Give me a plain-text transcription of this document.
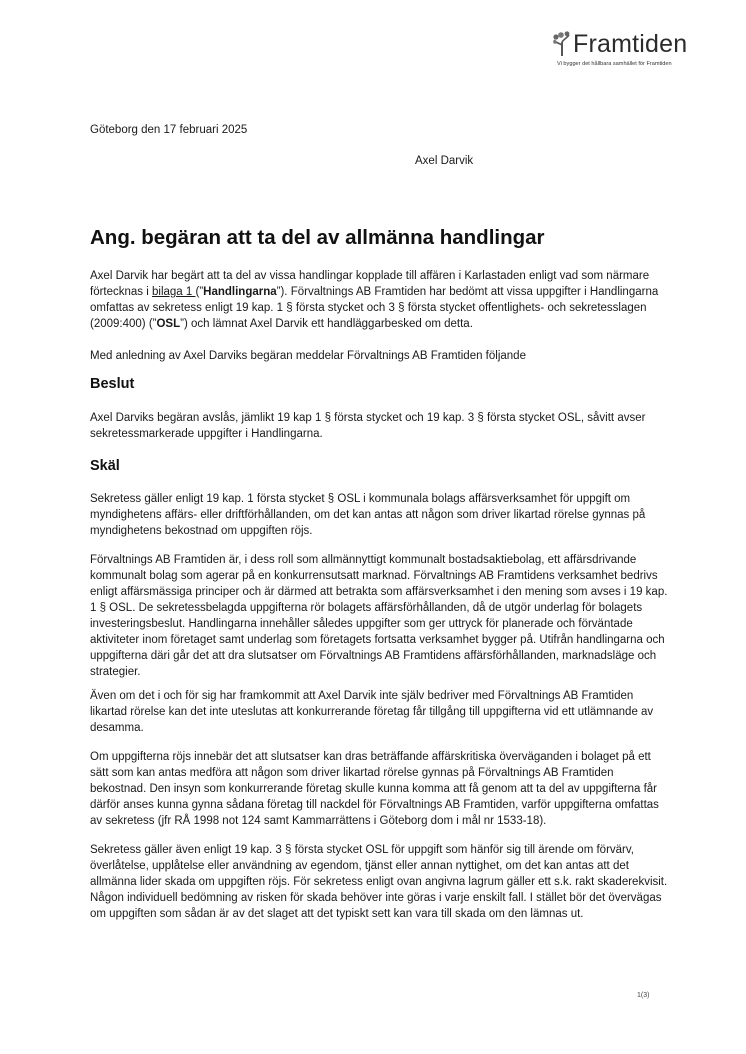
Framtiden
Vi bygger det hållbara samhället för Framtiden
Göteborg den 17 februari 2025
Axel Darvik
Ang. begäran att ta del av allmänna handlingar

Axel Darvik har begärt att ta del av vissa handlingar kopplade till affären i Karlastaden enligt vad som närmare förtecknas i bilaga 1 (”Handlingarna”). Förvaltnings AB Framtiden har bedömt att vissa uppgifter i Handlingarna omfattas av sekretess enligt 19 kap. 1 § första stycket och 3 § första stycket offentlighets- och sekretesslagen (2009:400) (”OSL”) och lämnat Axel Darvik ett handläggarbesked om detta.

Med anledning av Axel Darviks begäran meddelar Förvaltnings AB Framtiden följande

Beslut

Axel Darviks begäran avslås, jämlikt 19 kap 1 § första stycket och 19 kap. 3 § första stycket OSL, såvitt avser sekretessmarkerade uppgifter i Handlingarna.

Skäl

Sekretess gäller enligt 19 kap. 1 första stycket § OSL i kommunala bolags affärsverksamhet för uppgift om myndighetens affärs- eller driftförhållanden, om det kan antas att någon som driver likartad rörelse gynnas på myndighetens bekostnad om uppgiften röjs.

Förvaltnings AB Framtiden är, i dess roll som allmännyttigt kommunalt bostadsaktiebolag, ett affärsdrivande kommunalt bolag som agerar på en konkurrensutsatt marknad. Förvaltnings AB Framtidens verksamhet bedrivs enligt affärsmässiga principer och är därmed att betrakta som affärsverksamhet i den mening som avses i 19 kap. 1 § OSL. De sekretessbelagda uppgifterna rör bolagets affärsförhållanden, då de utgör underlag för bolagets investeringsbeslut. Handlingarna innehåller således uppgifter som ger uttryck för planerade och förväntade aktiviteter inom företaget samt underlag som företagets fortsatta verksamhet bygger på. Utifrån handlingarna och uppgifterna däri går det att dra slutsatser om Förvaltnings AB Framtidens affärsförhållanden, marknadsläge och strategier.

Även om det i och för sig har framkommit att Axel Darvik inte själv bedriver med Förvaltnings AB Framtiden likartad rörelse kan det inte uteslutas att konkurrerande företag får tillgång till uppgifterna vid ett utlämnande av desamma.

Om uppgifterna röjs innebär det att slutsatser kan dras beträffande affärskritiska överväganden i bolaget på ett sätt som kan antas medföra att någon som driver likartad rörelse gynnas på Förvaltnings AB Framtiden bekostnad. Den insyn som konkurrerande företag skulle kunna komma att få genom att ta del av uppgifterna får därför anses kunna gynna sådana företag till nackdel för Förvaltnings AB Framtiden, varför uppgifterna omfattas av sekretess (jfr RÅ 1998 not 124 samt Kammarrättens i Göteborg dom i mål nr 1533-18).

Sekretess gäller även enligt 19 kap. 3 § första stycket OSL för uppgift som hänför sig till ärende om förvärv, överlåtelse, upplåtelse eller användning av egendom, tjänst eller annan nyttighet, om det kan antas att det allmänna lider skada om uppgiften röjs. För sekretess enligt ovan angivna lagrum gäller ett s.k. rakt skaderekvisit. Någon individuell bedömning av risken för skada behöver inte göras i varje enskilt fall. I stället bör det övervägas om uppgiften som sådan är av det slaget att det typiskt sett kan vara till skada om den lämnas ut.

1(3)
